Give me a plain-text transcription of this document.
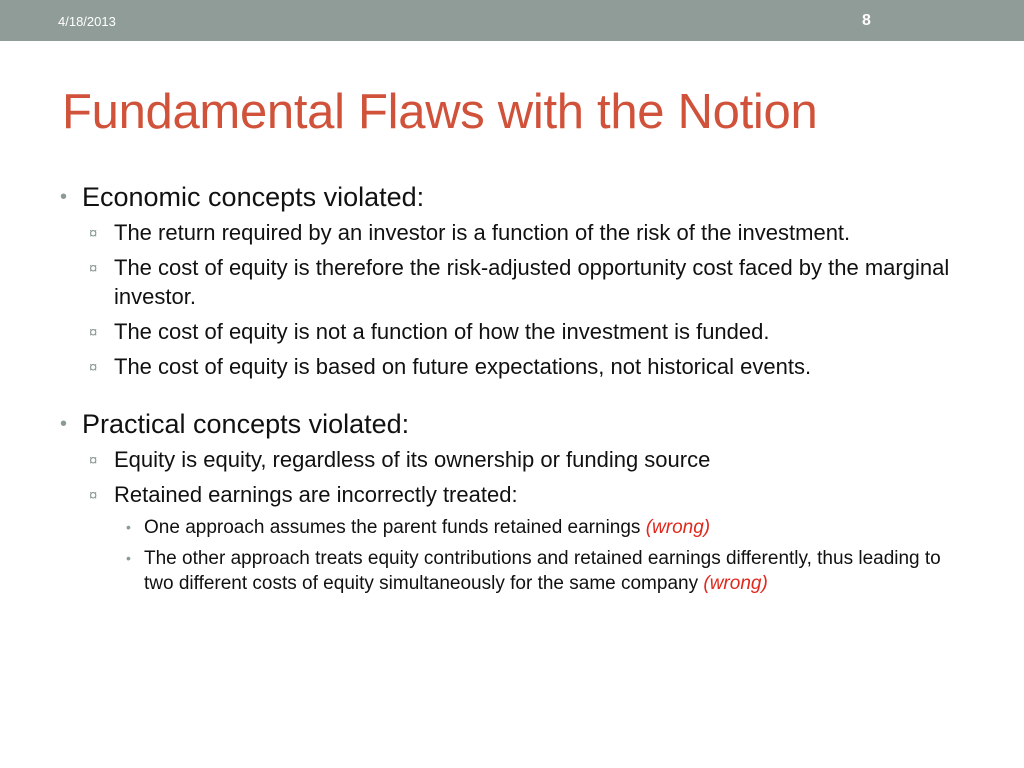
4/18/2013	8
Fundamental Flaws with the Notion
• Economic concepts violated:
¤ The return required by an investor is a function of the risk of the investment.
¤ The cost of equity is therefore the risk-adjusted opportunity cost faced by the marginal investor.
¤ The cost of equity is not a function of how the investment is funded.
¤ The cost of equity is based on future expectations, not historical events.
• Practical concepts violated:
¤ Equity is equity, regardless of its ownership or funding source
¤ Retained earnings are incorrectly treated:
• One approach assumes the parent funds retained earnings (wrong)
• The other approach treats equity contributions and retained earnings differently, thus leading to two different costs of equity simultaneously for the same company (wrong)
